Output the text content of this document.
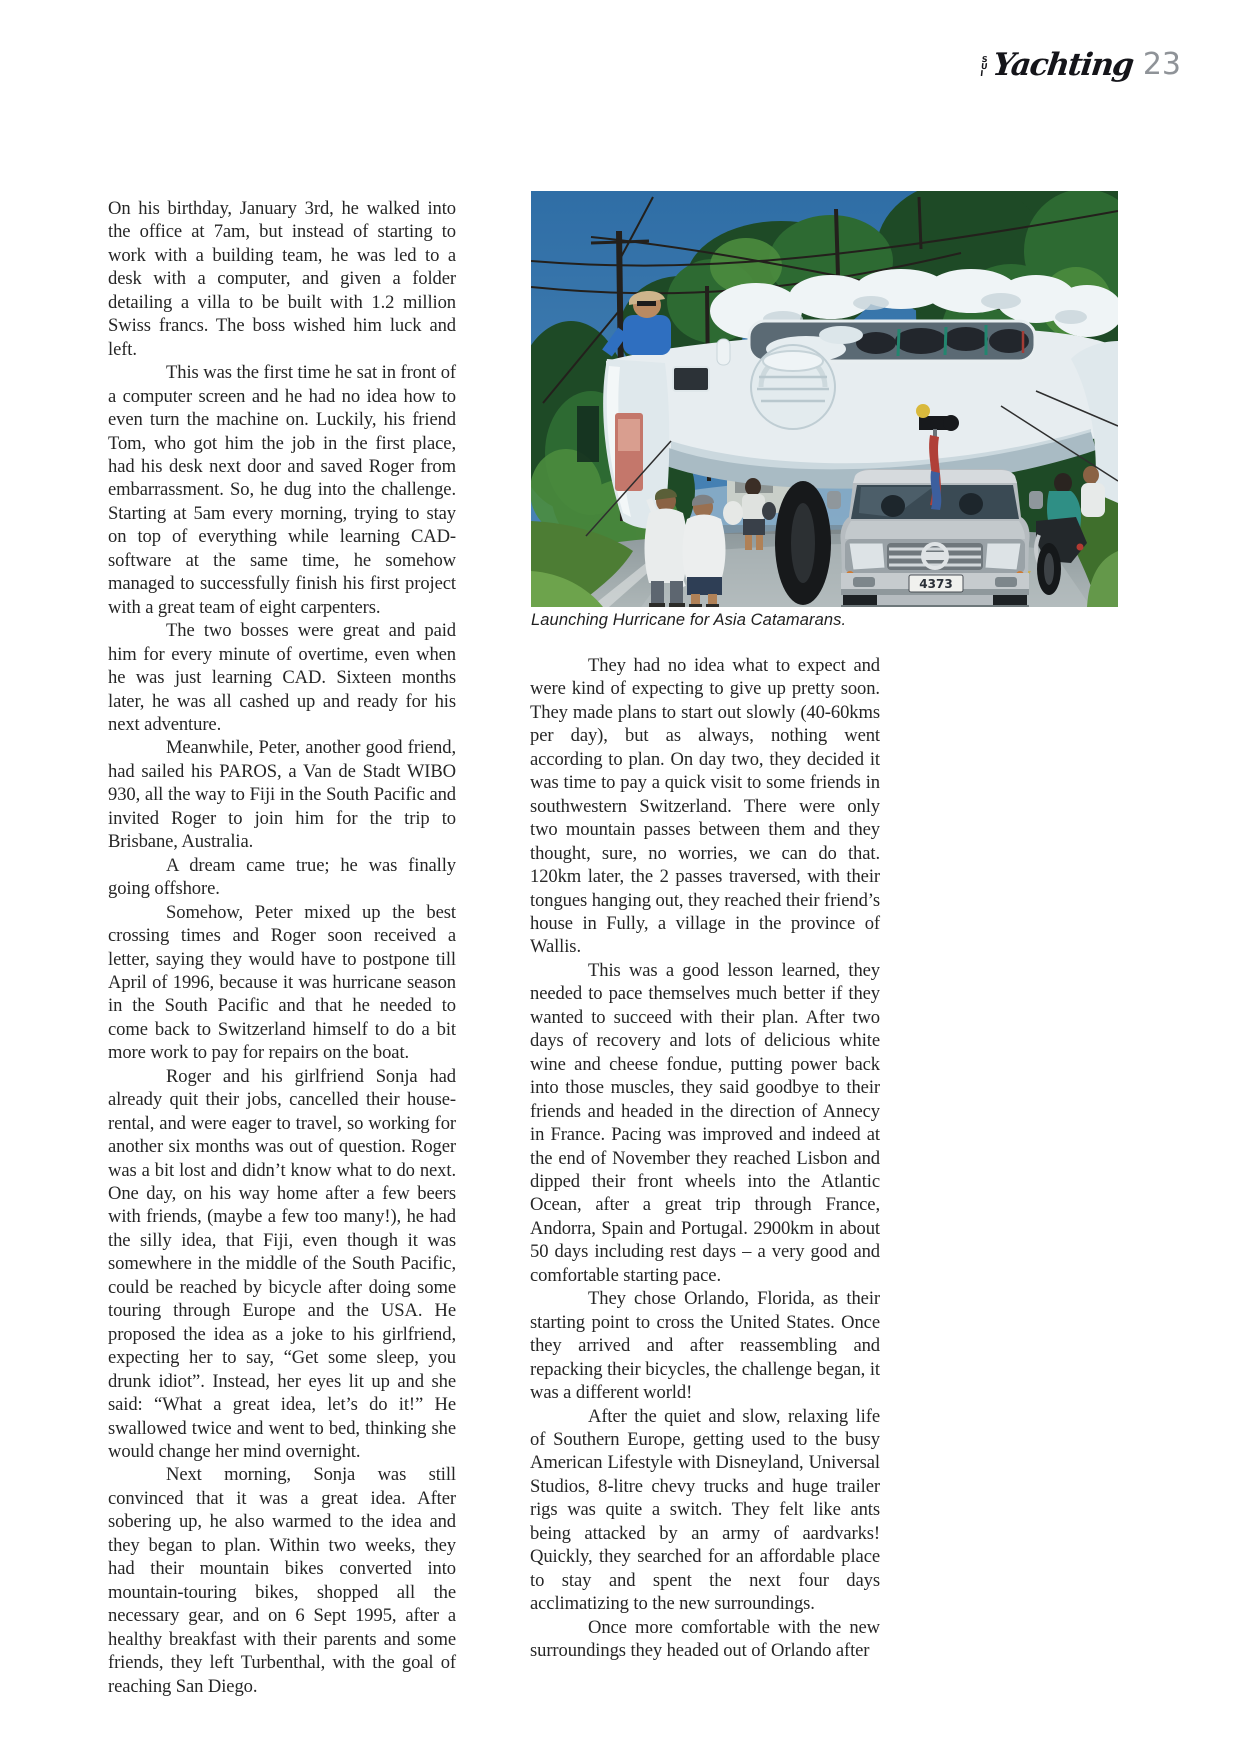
S
U
I Yachting 23

On his birthday, January 3rd, he walked into the office at 7am, but instead of starting to work with a building team, he was led to a desk with a computer, and given a folder detailing a villa to be built with 1.2 million Swiss francs. The boss wished him luck and left.

This was the first time he sat in front of a computer screen and he had no idea how to even turn the machine on. Luckily, his friend Tom, who got him the job in the first place, had his desk next door and saved Roger from embarrassment. So, he dug into the challenge. Starting at 5am every morning, trying to stay on top of everything while learning CAD-software at the same time, he somehow managed to successfully finish his first project with a great team of eight carpenters.

The two bosses were great and paid him for every minute of overtime, even when he was just learning CAD. Sixteen months later, he was all cashed up and ready for his next adventure.

Meanwhile, Peter, another good friend, had sailed his PAROS, a Van de Stadt WIBO 930, all the way to Fiji in the South Pacific and invited Roger to join him for the trip to Brisbane, Australia.

A dream came true; he was finally going offshore.

Somehow, Peter mixed up the best crossing times and Roger soon received a letter, saying they would have to postpone till April of 1996, because it was hurricane season in the South Pacific and that he needed to come back to Switzerland himself to do a bit more work to pay for repairs on the boat.

Roger and his girlfriend Sonja had already quit their jobs, cancelled their house-rental, and were eager to travel, so working for another six months was out of question. Roger was a bit lost and didn’t know what to do next. One day, on his way home after a few beers with friends, (maybe a few too many!), he had the silly idea, that Fiji, even though it was somewhere in the middle of the South Pacific, could be reached by bicycle after doing some touring through Europe and the USA. He proposed the idea as a joke to his girlfriend, expecting her to say, “Get some sleep, you drunk idiot”. Instead, her eyes lit up and she said: “What a great idea, let’s do it!” He swallowed twice and went to bed, thinking she would change her mind overnight.

Next morning, Sonja was still convinced that it was a great idea. After sobering up, he also warmed to the idea and they began to plan. Within two weeks, they had their mountain bikes converted into mountain-touring bikes, shopped all the necessary gear, and on 6 Sept 1995, after a healthy breakfast with their parents and some friends, they left Turbenthal, with the goal of reaching San Diego.

4373
Launching Hurricane for Asia Catamarans.

They had no idea what to expect and were kind of expecting to give up pretty soon. They made plans to start out slowly (40-60kms per day), but as always, nothing went according to plan. On day two, they decided it was time to pay a quick visit to some friends in southwestern Switzerland. There were only two mountain passes between them and they thought, sure, no worries, we can do that. 120km later, the 2 passes traversed, with their tongues hanging out, they reached their friend’s house in Fully, a village in the province of Wallis.

This was a good lesson learned, they needed to pace themselves much better if they wanted to succeed with their plan. After two days of recovery and lots of delicious white wine and cheese fondue, putting power back into those muscles, they said goodbye to their friends and headed in the direction of Annecy in France. Pacing was improved and indeed at the end of November they reached Lisbon and dipped their front wheels into the Atlantic Ocean, after a great trip through France, Andorra, Spain and Portugal. 2900km in about 50 days including rest days – a very good and comfortable starting pace.

They chose Orlando, Florida, as their starting point to cross the United States. Once they arrived and after reassembling and repacking their bicycles, the challenge began, it was a different world!

After the quiet and slow, relaxing life of Southern Europe, getting used to the busy American Lifestyle with Disneyland, Universal Studios, 8-litre chevy trucks and huge trailer rigs was quite a switch. They felt like ants being attacked by an army of aardvarks! Quickly, they searched for an affordable place to stay and spent the next four days acclimatizing to the new surroundings.

Once more comfortable with the new surroundings they headed out of Orlando after
